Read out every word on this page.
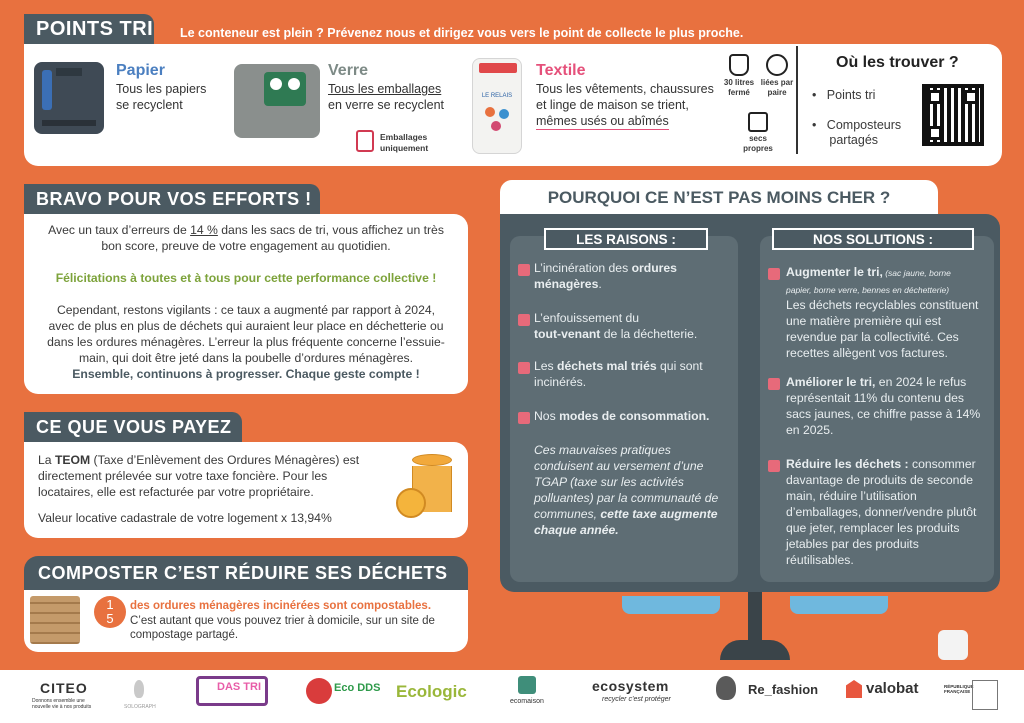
POINTS TRI Le conteneur est plein ? Prévenez nous et dirigez vous vers le point de collecte le plus proche.
Papier
Tous les papiers
se recyclent
Verre
Tous les emballages
en verre se recyclent
Emballages
uniquement
LE RELAIS
Textile
Tous les vêtements, chaussures
et linge de maison se trient,
mêmes usés ou abîmés
30 litres
fermé
liées par
paire
secs
propres
Où les trouver ?
•   Points tri
•   Composteurs
partagés
BRAVO POUR VOS EFFORTS !
Avec un taux d’erreurs de 14 % dans les sacs de tri, vous affichez un très
bon score, preuve de votre engagement au quotidien.
Félicitations à toutes et à tous pour cette performance collective !
Cependant, restons vigilants : ce taux a augmenté par rapport à 2024,
avec de plus en plus de déchets qui auraient leur place en déchetterie ou
dans les ordures ménagères. L’erreur la plus fréquente concerne l’essuie-
main, qui doit être jeté dans la poubelle d’ordures ménagères.
Ensemble, continuons à progresser. Chaque geste compte !
CE QUE VOUS PAYEZ
La TEOM (Taxe d’Enlèvement des Ordures Ménagères) est
directement prélevée sur votre taxe foncière. Pour les
locataires, elle est refacturée par votre propriétaire.
Valeur locative cadastrale de votre logement x 13,94%
COMPOSTER C’EST RÉDUIRE SES DÉCHETS
1
5
des ordures ménagères incinérées sont compostables.
C’est autant que vous pouvez trier à domicile, sur un site de
compostage partagé.
POURQUOI CE N’EST PAS MOINS CHER ?
LES RAISONS :	NOS SOLUTIONS :
L’incinération des ordures
ménagères.
L’enfouissement du
tout-venant de la déchetterie.
Les déchets mal triés qui sont
incinérés.
Nos modes de consommation.
Ces mauvaises pratiques
conduisent au versement d’une
TGAP (taxe sur les activités
polluantes) par la communauté de
communes, cette taxe augmente
chaque année.
Augmenter le tri, (sac jaune, borne
papier, borne verre, bennes en déchetterie)
Les déchets recyclables constituent
une matière première qui est
revendue par la collectivité. Ces
recettes allègent vos factures.
Améliorer le tri, en 2024 le refus
représentait 11% du contenu des
sacs jaunes, ce chiffre passe à 14%
en 2025.
Réduire les déchets : consommer
davantage de produits de seconde
main, réduire l’utilisation
d’emballages, donner/vendre plutôt
que jeter, remplacer les produits
jetables par des produits
réutilisables.
CITEO
Donnons ensemble une
nouvelle vie à nos produits	SOLOGRAPH
DAS TRI	Eco DDS Ecologic
ecomaison
ecosystem
recycler c’est protéger
Re_fashion	valobat	RÉPUBLIQUE FRANÇAISE
